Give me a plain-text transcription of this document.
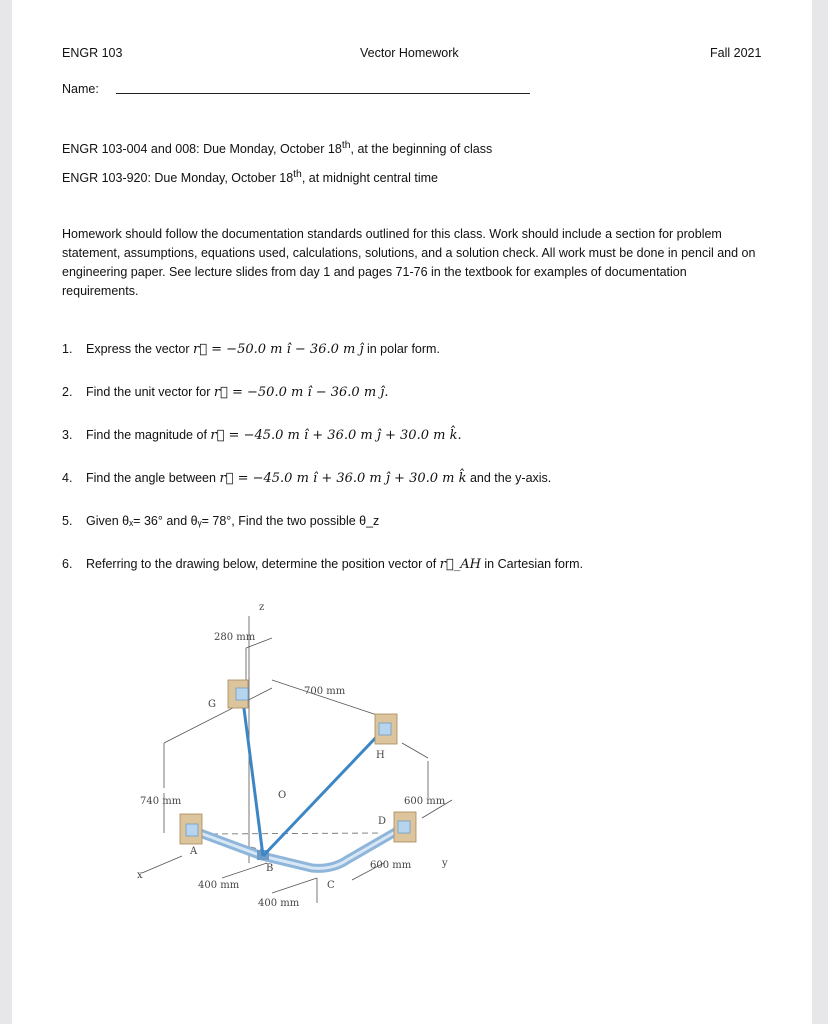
ENGR 103	Vector Homework	Fall 2021
Name:
ENGR 103-004 and 008: Due Monday, October 18th, at the beginning of class
ENGR 103-920: Due Monday, October 18th, at midnight central time
Homework should follow the documentation standards outlined for this class. Work should include a section for problem statement, assumptions, equations used, calculations, solutions, and a solution check. All work must be done in pencil and on engineering paper. See lecture slides from day 1 and pages 71-76 in the textbook for examples of documentation requirements.
1. Express the vector r⃗ = −50.0 m ı̂ − 36.0 m ȷ̂ in polar form.
2. Find the unit vector for r⃗ = −50.0 m ı̂ − 36.0 m ȷ̂.
3. Find the magnitude of r⃗ = −45.0 m ı̂ + 36.0 m ȷ̂ + 30.0 m k̂.
4. Find the angle between r⃗ = −45.0 m ı̂ + 36.0 m ȷ̂ + 30.0 m k̂ and the y-axis.
5. Given θₓ= 36° and θᵧ= 78°, Find the two possible θ_z
6. Referring to the drawing below, determine the position vector of r⃗_AH in Cartesian form.
z
280 mm
700 mm
G
H
O
740 mm	600 mm
D
A
B	600 mm	y
x
400 mm	C
400 mm
